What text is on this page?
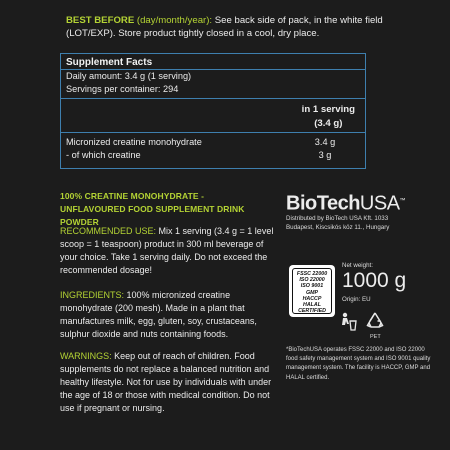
BEST BEFORE (day/month/year): See back side of pack, in the white field (LOT/EXP). Store product tightly closed in a cool, dry place.
Supplement Facts
Daily amount: 3.4 g (1 serving)
Servings per container: 294
in 1 serving
(3.4 g)
Micronized creatine monohydrate	3.4 g
- of which creatine	3 g
100% CREATINE MONOHYDRATE - UNFLAVOURED FOOD SUPPLEMENT DRINK POWDER
RECOMMENDED USE: Mix 1 serving (3.4 g = 1 level scoop = 1 teaspoon) product in 300 ml beverage of your choice. Take 1 serving daily. Do not exceed the recommended dosage!
INGREDIENTS: 100% micronized creatine monohydrate (200 mesh). Made in a plant that manufactures milk, egg, gluten, soy, crustaceans, sulphur dioxide and nuts containing foods.
WARNINGS: Keep out of reach of children. Food supplements do not replace a balanced nutrition and healthy lifestyle. Not for use by individuals with under the age of 18 or those with medical condition. Do not use if pregnant or nursing.
BioTechUSA™
Distributed by BioTech USA Kft. 1033
Budapest, Kiscsikós köz 11., Hungary
FSSC 22000
ISO 22000
ISO 9001
GMP
HACCP
HALAL
CERTIFIED
Net weight:
1000 g
Origin: EU
PET
*BioTechUSA operates FSSC 22000 and ISO 22000 food safety management system and ISO 9001 quality management system. The facility is HACCP, GMP and HALAL certified.
